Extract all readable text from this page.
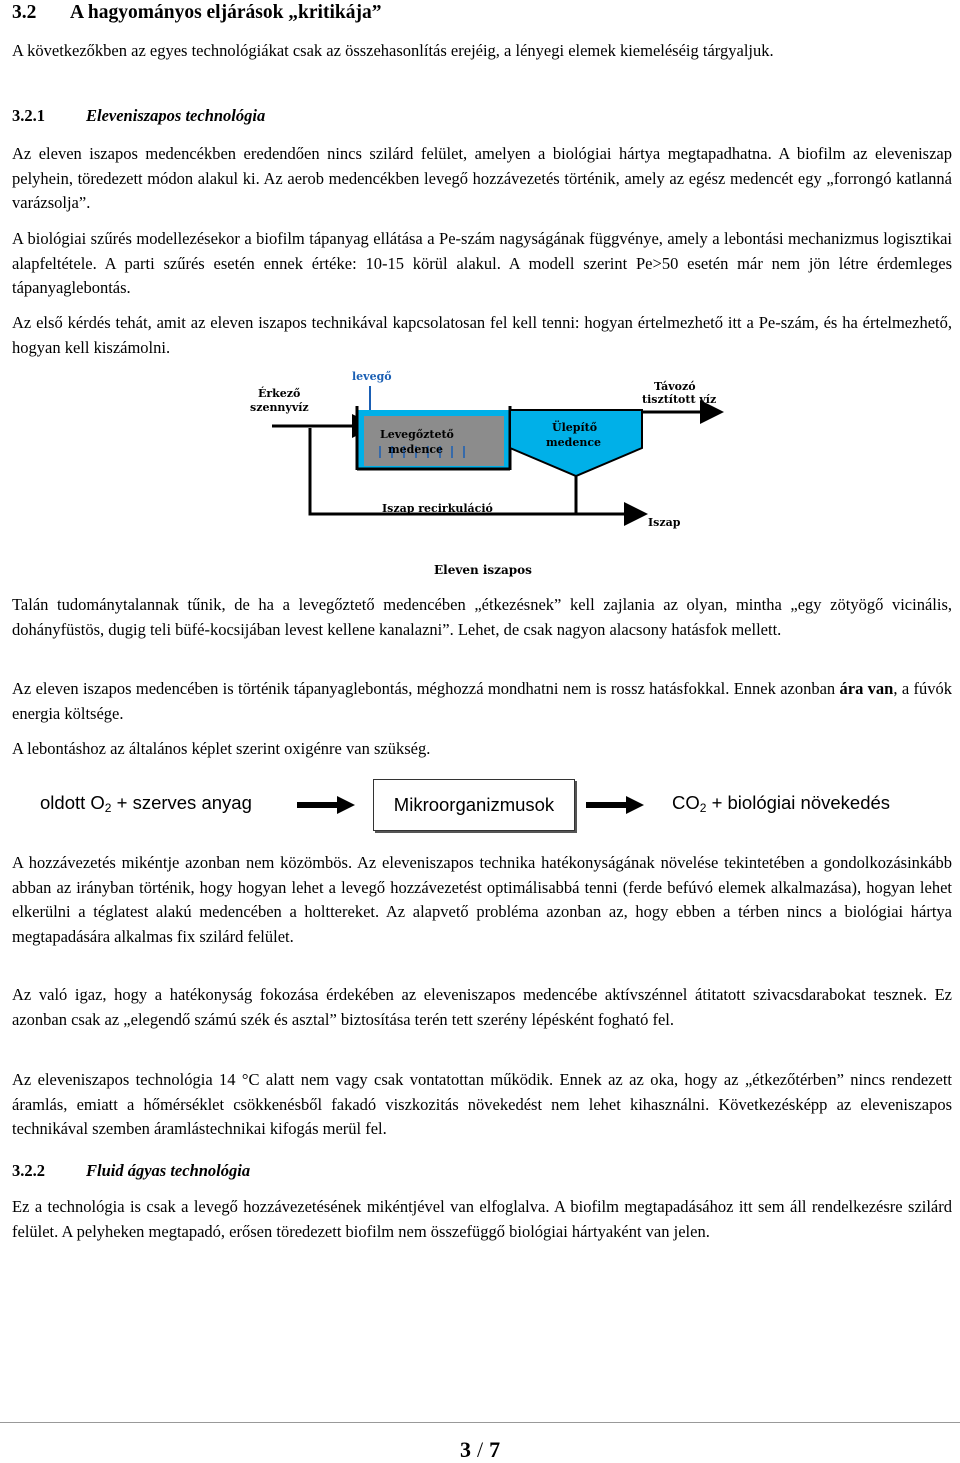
3.2 A hagyományos eljárások „kritikája”

A következőkben az egyes technológiákat csak az összehasonlítás erejéig, a lényegi elemek kiemeléséig tárgyaljuk.

3.2.1 Eleveniszapos technológia

Az eleven iszapos medencékben eredendően nincs szilárd felület, amelyen a biológiai hártya megtapadhatna. A biofilm az eleveniszap pelyhein, töredezett módon alakul ki. Az aerob medencékben levegő hozzávezetés történik, amely az egész medencét egy „forrongó katlanná varázsolja”.

A biológiai szűrés modellezésekor a biofilm tápanyag ellátása a Pe-szám nagyságának függvénye, amely a lebontási mechanizmus logisztikai alapfeltétele. A parti szűrés esetén ennek értéke: 10-15 körül alakul. A modell szerint Pe>50 esetén már nem jön létre érdemleges tápanyaglebontás.

Az első kérdés tehát, amit az eleven iszapos technikával kapcsolatosan fel kell tenni: hogyan értelmezhető itt a Pe-szám, és ha értelmezhető, hogyan kell kiszámolni.

Érkező
szennyvíz
levegő
Levegőztető
medence
Ülepítő
medence
Távozó
tisztított víz
Iszap recirkuláció
Iszap
Eleven iszapos

Talán tudománytalannak tűnik, de ha a levegőztető medencében „étkezésnek” kell zajlania az olyan, mintha „egy zötyögő vicinális, dohányfüstös, dugig teli büfé-kocsijában levest kellene kanalazni”. Lehet, de csak nagyon alacsony hatásfok mellett.

Az eleven iszapos medencében is történik tápanyaglebontás, méghozzá mondhatni nem is rossz hatásfokkal. Ennek azonban ára van, a fúvók energia költsége.

A lebontáshoz az általános képlet szerint oxigénre van szükség.

oldott $O_2$ + szerves anyag	Mikroorganizmusok	$CO_2$ + biológiai növekedés

A hozzávezetés mikéntje azonban nem közömbös. Az eleveniszapos technika hatékonyságának növelése tekintetében a gondolkozásinkább abban az irányban történik, hogy hogyan lehet a levegő hozzávezetést optimálisabbá tenni (ferde befúvó elemek alkalmazása), hogyan lehet elkerülni a téglatest alakú medencében a holttereket. Az alapvető probléma azonban az, hogy ebben a térben nincs a biológiai hártya megtapadására alkalmas fix szilárd felület.

Az való igaz, hogy a hatékonyság fokozása érdekében az eleveniszapos medencébe aktívszénnel átitatott szivacsdarabokat tesznek. Ez azonban csak az „elegendő számú szék és asztal” biztosítása terén tett szerény lépésként fogható fel.

Az eleveniszapos technológia 14 °C alatt nem vagy csak vontatottan működik. Ennek az az oka, hogy az „étkezőtérben” nincs rendezett áramlás, emiatt a hőmérséklet csökkenésből fakadó viszkozitás növekedést nem lehet kihasználni. Következésképp az eleveniszapos technikával szemben áramlástechnikai kifogás merül fel.

3.2.2 Fluid ágyas technológia

Ez a technológia is csak a levegő hozzávezetésének mikéntjével van elfoglalva. A biofilm megtapadásához itt sem áll rendelkezésre szilárd felület. A pelyheken megtapadó, erősen töredezett biofilm nem összefüggő biológiai hártyaként van jelen.

3 / 7
